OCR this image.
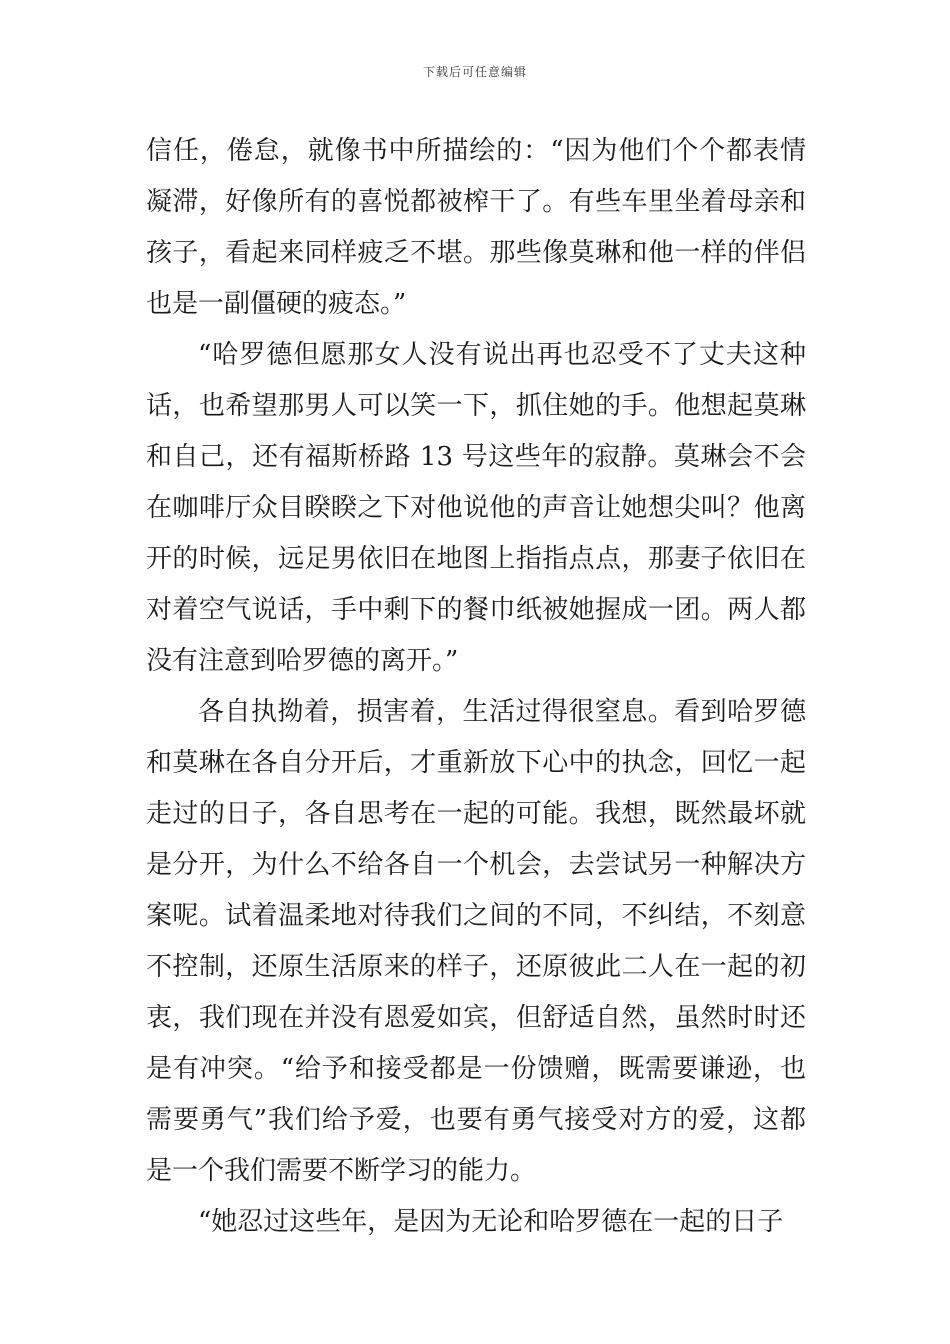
下载后可任意编辑

信任，倦怠，就像书中所描绘的：“因为他们个个都表情凝滞，好像所有的喜悦都被榨干了。有些车里坐着母亲和孩子，看起来同样疲乏不堪。那些像莫琳和他一样的伴侣也是一副僵硬的疲态。”

“哈罗德但愿那女人没有说出再也忍受不了丈夫这种话，也希望那男人可以笑一下，抓住她的手。他想起莫琳和自己，还有福斯桥路 13 号这些年的寂静。莫琳会不会在咖啡厅众目睽睽之下对他说他的声音让她想尖叫？他离开的时候，远足男依旧在地图上指指点点，那妻子依旧在对着空气说话，手中剩下的餐巾纸被她握成一团。两人都没有注意到哈罗德的离开。”

各自执拗着，损害着，生活过得很窒息。看到哈罗德和莫琳在各自分开后，才重新放下心中的执念，回忆一起走过的日子，各自思考在一起的可能。我想，既然最坏就是分开，为什么不给各自一个机会，去尝试另一种解决方案呢。试着温柔地对待我们之间的不同，不纠结，不刻意不控制，还原生活原来的样子，还原彼此二人在一起的初衷，我们现在并没有恩爱如宾，但舒适自然，虽然时时还是有冲突。“给予和接受都是一份馈赠，既需要谦逊，也需要勇气”我们给予爱，也要有勇气接受对方的爱，这都是一个我们需要不断学习的能力。

“她忍过这些年，是因为无论和哈罗德在一起的日子
